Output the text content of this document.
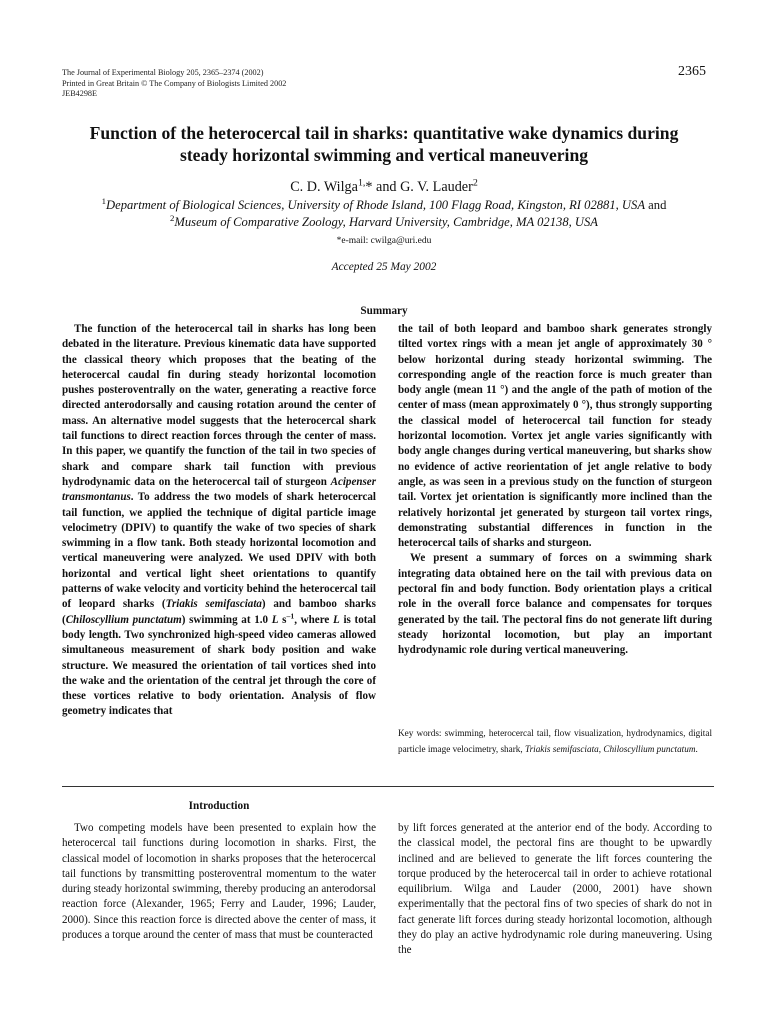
The Journal of Experimental Biology 205, 2365–2374 (2002)
Printed in Great Britain © The Company of Biologists Limited 2002
JEB4298E
2365
Function of the heterocercal tail in sharks: quantitative wake dynamics during
steady horizontal swimming and vertical maneuvering
C. D. Wilga$^{1,}$* and G. V. Lauder$^2$
$^1$Department of Biological Sciences, University of Rhode Island, 100 Flagg Road, Kingston, RI 02881, USA and
$^2$Museum of Comparative Zoology, Harvard University, Cambridge, MA 02138, USA
*e-mail: cwilga@uri.edu
Accepted 25 May 2002
Summary

The function of the heterocercal tail in sharks has long been debated in the literature. Previous kinematic data have supported the classical theory which proposes that the beating of the heterocercal caudal fin during steady horizontal locomotion pushes posteroventrally on the water, generating a reactive force directed anterodorsally and causing rotation around the center of mass. An alternative model suggests that the heterocercal shark tail functions to direct reaction forces through the center of mass. In this paper, we quantify the function of the tail in two species of shark and compare shark tail function with previous hydrodynamic data on the heterocercal tail of sturgeon Acipenser transmontanus. To address the two models of shark heterocercal tail function, we applied the technique of digital particle image velocimetry (DPIV) to quantify the wake of two species of shark swimming in a flow tank. Both steady horizontal locomotion and vertical maneuvering were analyzed. We used DPIV with both horizontal and vertical light sheet orientations to quantify patterns of wake velocity and vorticity behind the heterocercal tail of leopard sharks (Triakis semifasciata) and bamboo sharks (Chiloscyllium punctatum) swimming at 1.0 L $s^{-1}$, where L is total body length. Two synchronized high-speed video cameras allowed simultaneous measurement of shark body position and wake structure. We measured the orientation of tail vortices shed into the wake and the orientation of the central jet through the core of these vortices relative to body orientation. Analysis of flow geometry indicates that

the tail of both leopard and bamboo shark generates strongly tilted vortex rings with a mean jet angle of approximately 30 ° below horizontal during steady horizontal swimming. The corresponding angle of the reaction force is much greater than body angle (mean 11 °) and the angle of the path of motion of the center of mass (mean approximately 0 °), thus strongly supporting the classical model of heterocercal tail function for steady horizontal locomotion. Vortex jet angle varies significantly with body angle changes during vertical maneuvering, but sharks show no evidence of active reorientation of jet angle relative to body angle, as was seen in a previous study on the function of sturgeon tail. Vortex jet orientation is significantly more inclined than the relatively horizontal jet generated by sturgeon tail vortex rings, demonstrating substantial differences in function in the heterocercal tails of sharks and sturgeon.

We present a summary of forces on a swimming shark integrating data obtained here on the tail with previous data on pectoral fin and body function. Body orientation plays a critical role in the overall force balance and compensates for torques generated by the tail. The pectoral fins do not generate lift during steady horizontal locomotion, but play an important hydrodynamic role during vertical maneuvering.

Key words: swimming, heterocercal tail, flow visualization, hydrodynamics, digital particle image velocimetry, shark, Triakis semifasciata, Chiloscyllium punctatum.
Introduction

Two competing models have been presented to explain how the heterocercal tail functions during locomotion in sharks. First, the classical model of locomotion in sharks proposes that the heterocercal tail functions by transmitting posteroventral momentum to the water during steady horizontal swimming, thereby producing an anterodorsal reaction force (Alexander, 1965; Ferry and Lauder, 1996; Lauder, 2000). Since this reaction force is directed above the center of mass, it produces a torque around the center of mass that must be counteracted

by lift forces generated at the anterior end of the body. According to the classical model, the pectoral fins are thought to be upwardly inclined and are believed to generate the lift forces countering the torque produced by the heterocercal tail in order to achieve rotational equilibrium. Wilga and Lauder (2000, 2001) have shown experimentally that the pectoral fins of two species of shark do not in fact generate lift forces during steady horizontal locomotion, although they do play an active hydrodynamic role during maneuvering. Using the
